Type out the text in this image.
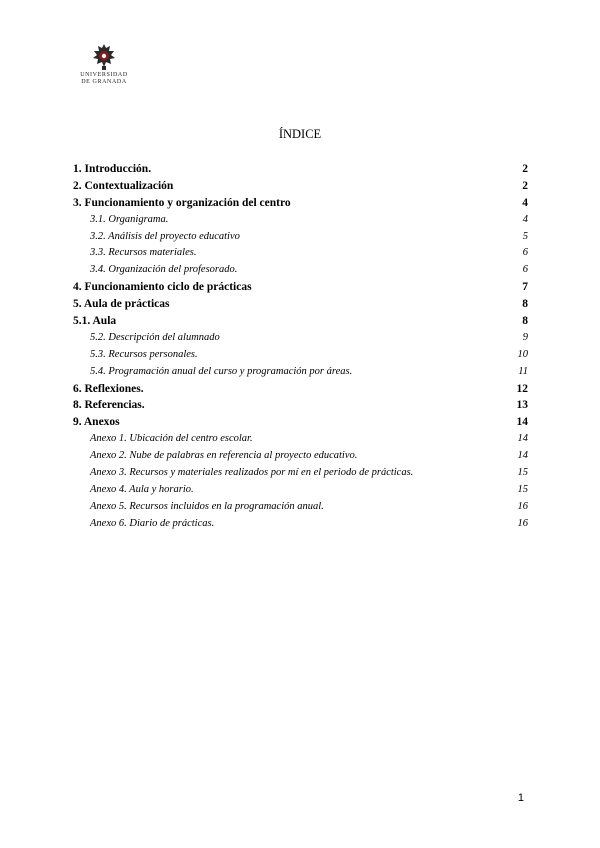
UNIVERSIDAD
DE GRANADA
ÍNDICE
1. Introducción.	2
2. Contextualización	2
3. Funcionamiento y organización del centro	4
3.1. Organigrama.	4
3.2. Análisis del proyecto educativo	5
3.3. Recursos materiales.	6
3.4. Organización del profesorado.	6
4. Funcionamiento ciclo de prácticas	7
5. Aula de prácticas	8
5.1. Aula	8
5.2. Descripción del alumnado	9
5.3. Recursos personales.	10
5.4. Programación anual del curso y programación por áreas.	11
6. Reflexiones.	12
8. Referencias.	13
9. Anexos	14
Anexo 1. Ubicación del centro escolar.	14
Anexo 2. Nube de palabras en referencia al proyecto educativo.	14
Anexo 3. Recursos y materiales realizados por mí en el periodo de prácticas.	15
Anexo 4. Aula y horario.	15
Anexo 5. Recursos incluidos en la programación anual.	16
Anexo 6. Diario de prácticas.	16
1
